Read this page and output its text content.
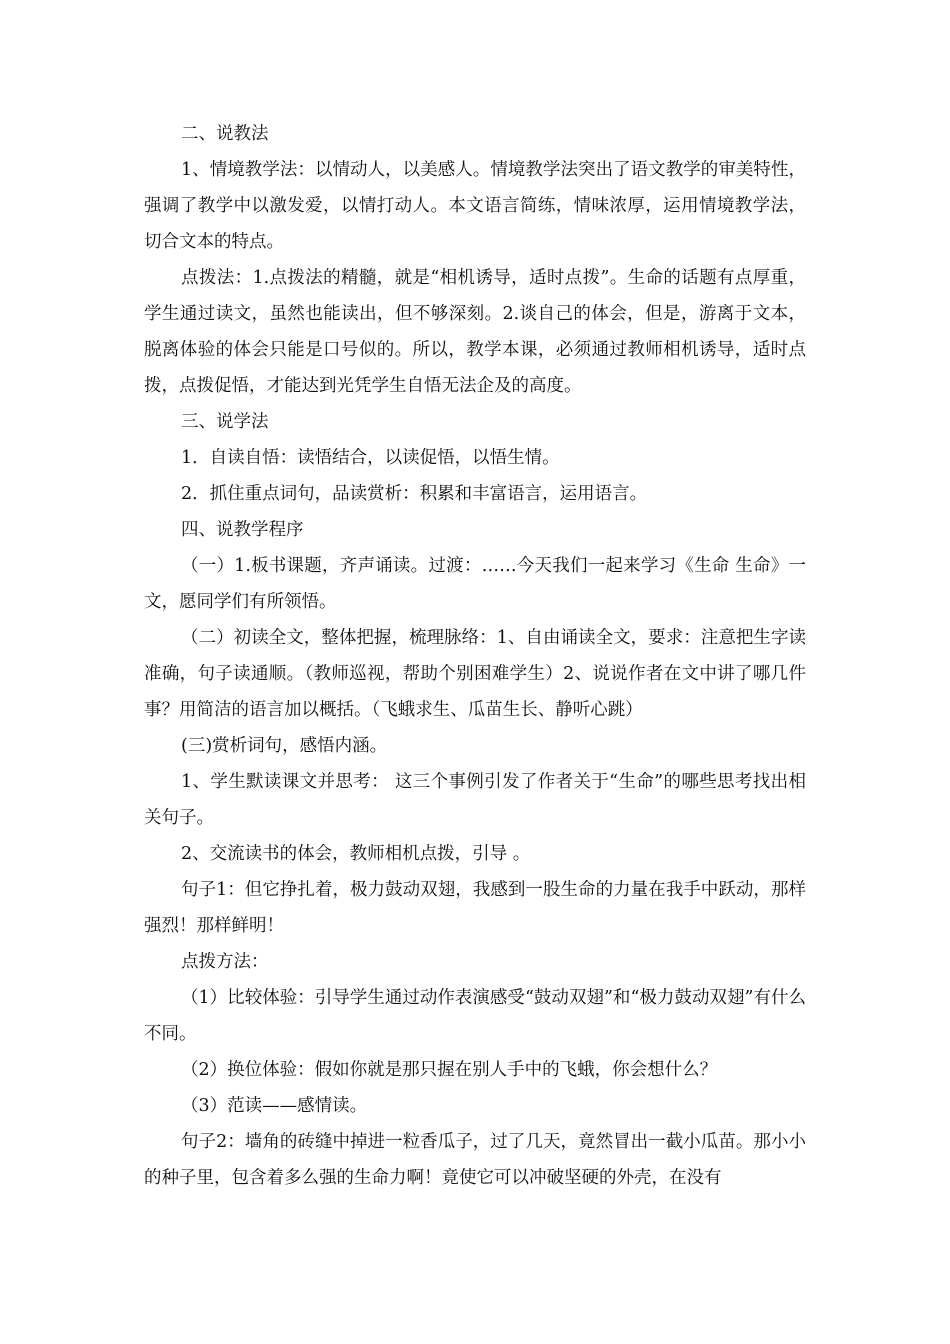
二、说教法

1、情境教学法：以情动人，以美感人。情境教学法突出了语文教学的审美特性，强调了教学中以激发爱，以情打动人。本文语言简练，情味浓厚，运用情境教学法，切合文本的特点。

点拨法：1.点拨法的精髓，就是“相机诱导，适时点拨”。生命的话题有点厚重，学生通过读文，虽然也能读出，但不够深刻。2.谈自己的体会，但是，游离于文本，脱离体验的体会只能是口号似的。所以，教学本课，必须通过教师相机诱导，适时点拨，点拨促悟，才能达到光凭学生自悟无法企及的高度。

三、说学法

1．自读自悟：读悟结合，以读促悟，以悟生情。

2．抓住重点词句，品读赏析：积累和丰富语言，运用语言。

四、说教学程序

（一）1.板书课题，齐声诵读。过渡：……今天我们一起来学习《生命 生命》一文，愿同学们有所领悟。

（二）初读全文，整体把握，梳理脉络：1、自由诵读全文，要求：注意把生字读准确，句子读通顺。（教师巡视，帮助个别困难学生）2、说说作者在文中讲了哪几件事？用简洁的语言加以概括。（飞蛾求生、瓜苗生长、静听心跳）

(三)赏析词句，感悟内涵。

1、学生默读课文并思考： 这三个事例引发了作者关于“生命”的哪些思考找出相关句子。

2、交流读书的体会，教师相机点拨，引导 。

句子1：但它挣扎着，极力鼓动双翅，我感到一股生命的力量在我手中跃动，那样强烈！那样鲜明！

点拨方法：

（1）比较体验：引导学生通过动作表演感受“鼓动双翅”和“极力鼓动双翅”有什么不同。

（2）换位体验：假如你就是那只握在别人手中的飞蛾，你会想什么？

（3）范读——感情读。

句子2：墙角的砖缝中掉进一粒香瓜子，过了几天，竟然冒出一截小瓜苗。那小小的种子里，包含着多么强的生命力啊！竟使它可以冲破坚硬的外壳，在没有
